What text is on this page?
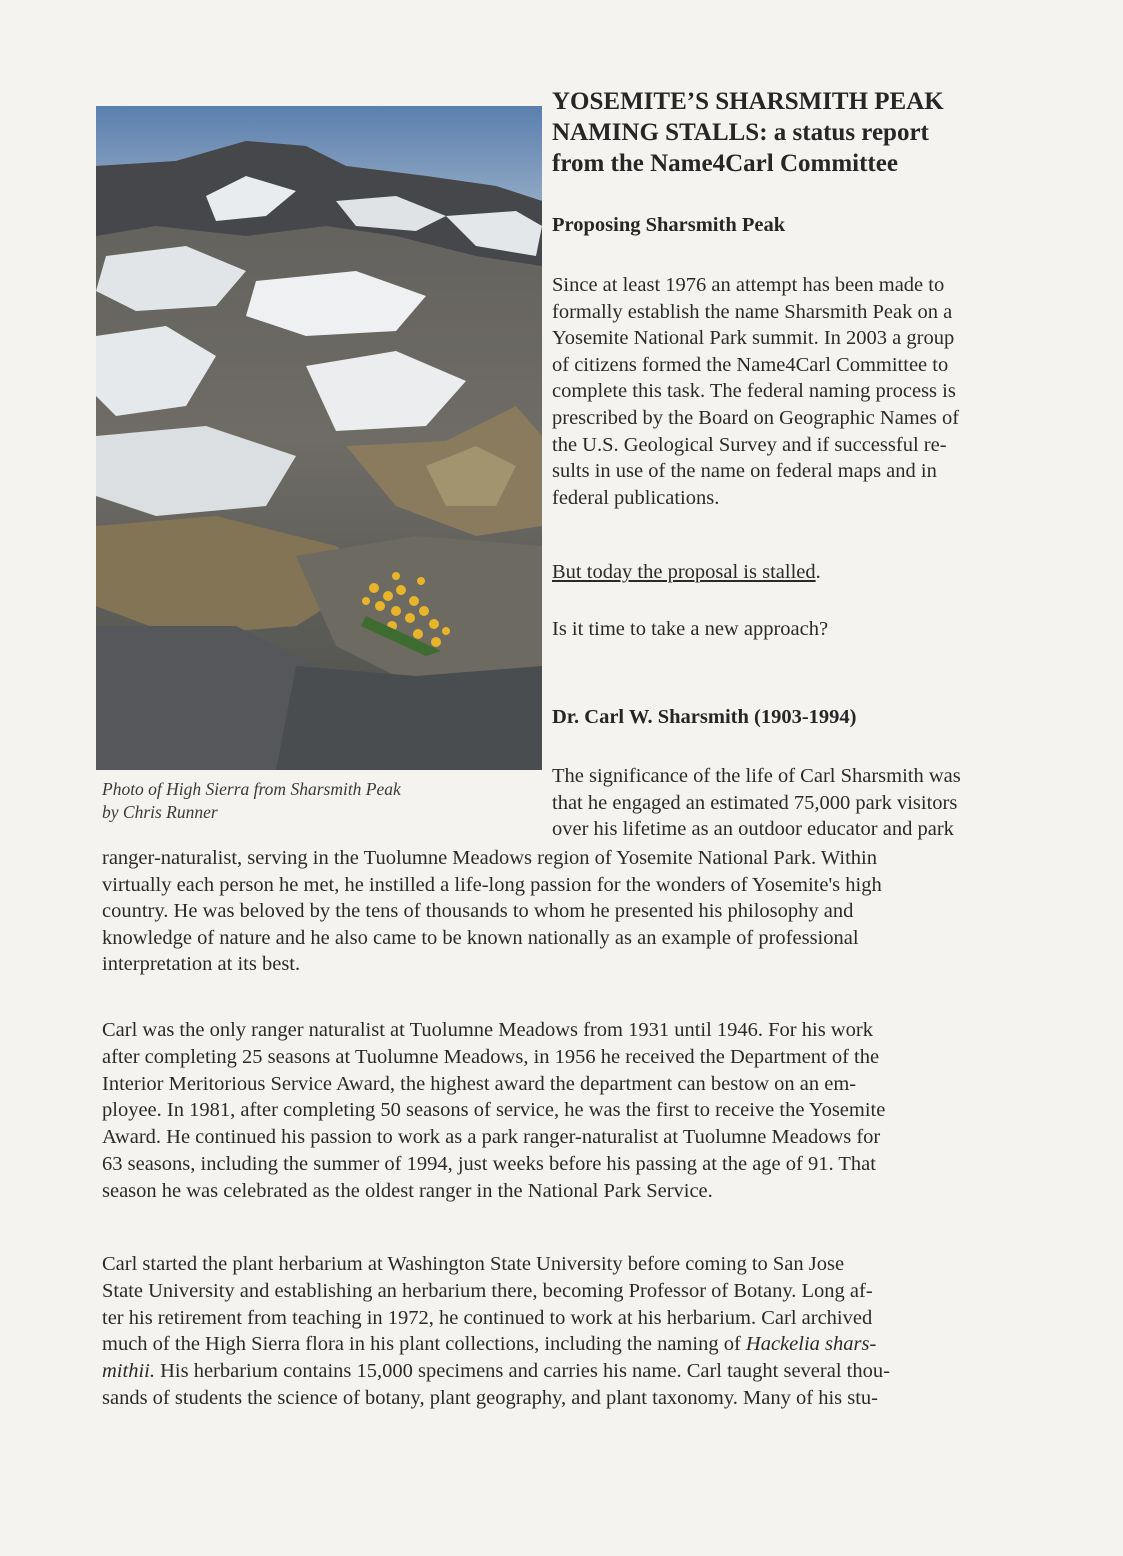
Photo of High Sierra from Sharsmith Peak
by Chris Runner
YOSEMITE’S SHARSMITH PEAK
NAMING STALLS: a status report
from the Name4Carl Committee
Proposing Sharsmith Peak
Since at least 1976 an attempt has been made to
formally establish the name Sharsmith Peak on a
Yosemite National Park summit. In 2003 a group
of citizens formed the Name4Carl Committee to
complete this task. The federal naming process is
prescribed by the Board on Geographic Names of
the U.S. Geological Survey and if successful re-
sults in use of the name on federal maps and in
federal publications.
But today the proposal is stalled.
Is it time to take a new approach?
Dr. Carl W. Sharsmith (1903-1994)
The significance of the life of Carl Sharsmith was
that he engaged an estimated 75,000 park visitors
over his lifetime as an outdoor educator and park
ranger-naturalist, serving in the Tuolumne Meadows region of Yosemite National Park. Within
virtually each person he met, he instilled a life-long passion for the wonders of Yosemite's high
country. He was beloved by the tens of thousands to whom he presented his philosophy and
knowledge of nature and he also came to be known nationally as an example of professional
interpretation at its best.
Carl was the only ranger naturalist at Tuolumne Meadows from 1931 until 1946. For his work
after completing 25 seasons at Tuolumne Meadows, in 1956 he received the Department of the
Interior Meritorious Service Award, the highest award the department can bestow on an em-
ployee. In 1981, after completing 50 seasons of service, he was the first to receive the Yosemite
Award. He continued his passion to work as a park ranger-naturalist at Tuolumne Meadows for
63 seasons, including the summer of 1994, just weeks before his passing at the age of 91. That
season he was celebrated as the oldest ranger in the National Park Service.
Carl started the plant herbarium at Washington State University before coming to San Jose
State University and establishing an herbarium there, becoming Professor of Botany. Long af-
ter his retirement from teaching in 1972, he continued to work at his herbarium. Carl archived
much of the High Sierra flora in his plant collections, including the naming of Hackelia shars-
mithii. His herbarium contains 15,000 specimens and carries his name. Carl taught several thou-
sands of students the science of botany, plant geography, and plant taxonomy. Many of his stu-
